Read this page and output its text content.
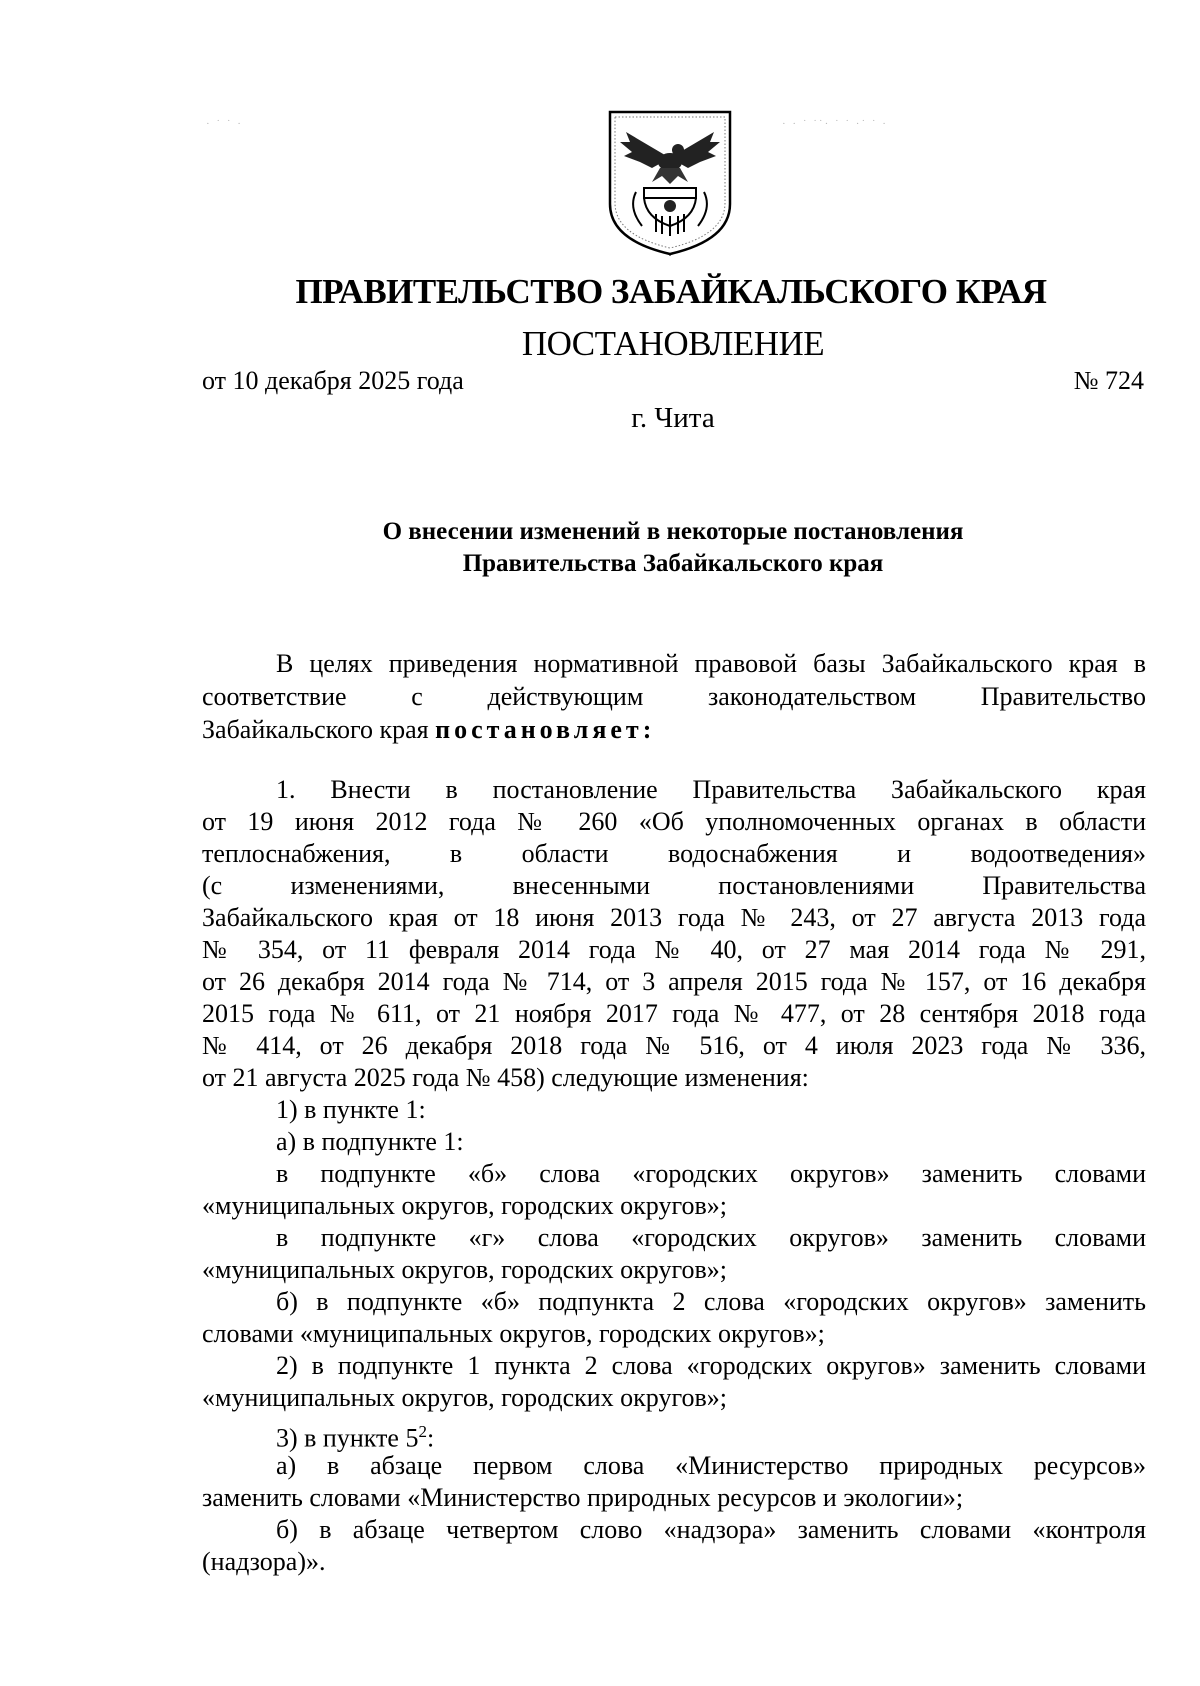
· ˙ ˙ ·	· · ˙ ˙˙· ˙ ˙ ·˙ ˙ ·
ПРАВИТЕЛЬСТВО ЗАБАЙКАЛЬСКОГО КРАЯ
ПОСТАНОВЛЕНИЕ
от 10 декабря 2025 года	№ 724
г. Чита
О внесении изменений в некоторые постановления
Правительства Забайкальского края
В целях приведения нормативной правовой базы Забайкальского края в
соответствие с действующим законодательством Правительство
Забайкальского края постановляет:
1. Внести в постановление Правительства Забайкальского края
от 19 июня 2012 года № 260 «Об уполномоченных органах в области
теплоснабжения, в области водоснабжения и водоотведения»
(с изменениями, внесенными постановлениями Правительства
Забайкальского края от 18 июня 2013 года № 243, от 27 августа 2013 года
№ 354, от 11 февраля 2014 года № 40, от 27 мая 2014 года № 291,
от 26 декабря 2014 года № 714, от 3 апреля 2015 года № 157, от 16 декабря
2015 года № 611, от 21 ноября 2017 года № 477, от 28 сентября 2018 года
№ 414, от 26 декабря 2018 года № 516, от 4 июля 2023 года № 336,
от 21 августа 2025 года № 458) следующие изменения:
1) в пункте 1:
а) в подпункте 1:
в подпункте «б» слова «городских округов» заменить словами
«муниципальных округов, городских округов»;
в подпункте «г» слова «городских округов» заменить словами
«муниципальных округов, городских округов»;
б) в подпункте «б» подпункта 2 слова «городских округов» заменить
словами «муниципальных округов, городских округов»;
2) в подпункте 1 пункта 2 слова «городских округов» заменить словами
«муниципальных округов, городских округов»;
3) в пункте $5^2$:
а) в абзаце первом слова «Министерство природных ресурсов»
заменить словами «Министерство природных ресурсов и экологии»;
б) в абзаце четвертом слово «надзора» заменить словами «контроля
(надзора)».
